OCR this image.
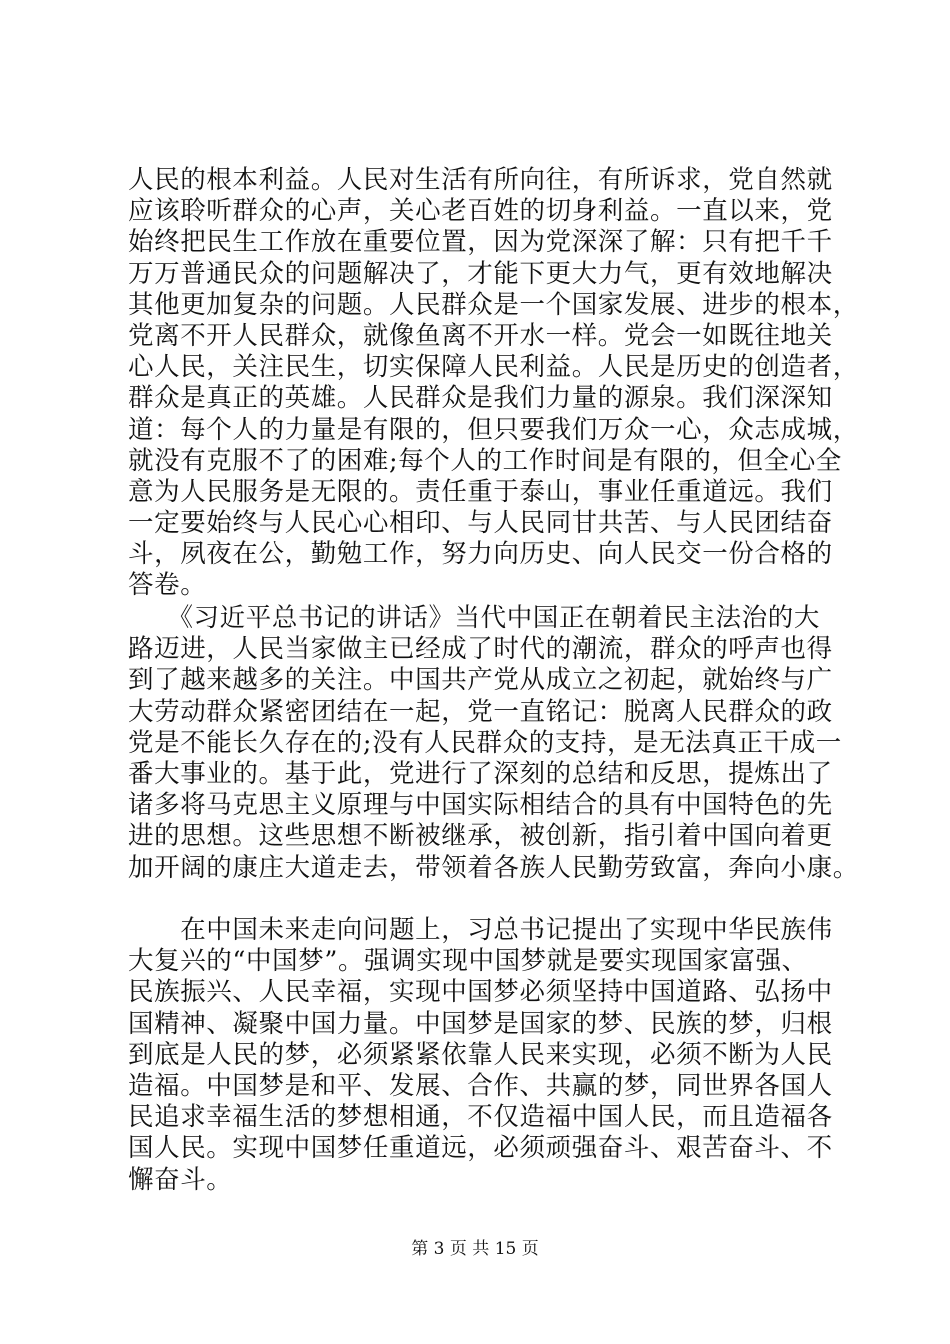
人民的根本利益。人民对生活有所向往，有所诉求，党自然就
应该聆听群众的心声，关心老百姓的切身利益。一直以来，党
始终把民生工作放在重要位置，因为党深深了解：只有把千千
万万普通民众的问题解决了，才能下更大力气，更有效地解决
其他更加复杂的问题。人民群众是一个国家发展、进步的根本，
党离不开人民群众，就像鱼离不开水一样。党会一如既往地关
心人民，关注民生，切实保障人民利益。人民是历史的创造者，
群众是真正的英雄。人民群众是我们力量的源泉。我们深深知
道：每个人的力量是有限的，但只要我们万众一心，众志成城，
就没有克服不了的困难;每个人的工作时间是有限的，但全心全
意为人民服务是无限的。责任重于泰山，事业任重道远。我们
一定要始终与人民心心相印、与人民同甘共苦、与人民团结奋
斗，夙夜在公，勤勉工作，努力向历史、向人民交一份合格的
答卷。
　　《习近平总书记的讲话》当代中国正在朝着民主法治的大
路迈进，人民当家做主已经成了时代的潮流，群众的呼声也得
到了越来越多的关注。中国共产党从成立之初起，就始终与广
大劳动群众紧密团结在一起，党一直铭记：脱离人民群众的政
党是不能长久存在的;没有人民群众的支持，是无法真正干成一
番大事业的。基于此，党进行了深刻的总结和反思，提炼出了
诸多将马克思主义原理与中国实际相结合的具有中国特色的先
进的思想。这些思想不断被继承，被创新，指引着中国向着更
加开阔的康庄大道走去，带领着各族人民勤劳致富，奔向小康。
　　在中国未来走向问题上，习总书记提出了实现中华民族伟
大复兴的“中国梦”。强调实现中国梦就是要实现国家富强、
民族振兴、人民幸福，实现中国梦必须坚持中国道路、弘扬中
国精神、凝聚中国力量。中国梦是国家的梦、民族的梦，归根
到底是人民的梦，必须紧紧依靠人民来实现，必须不断为人民
造福。中国梦是和平、发展、合作、共赢的梦，同世界各国人
民追求幸福生活的梦想相通，不仅造福中国人民，而且造福各
国人民。实现中国梦任重道远，必须顽强奋斗、艰苦奋斗、不
懈奋斗。
第 3 页 共 15 页
